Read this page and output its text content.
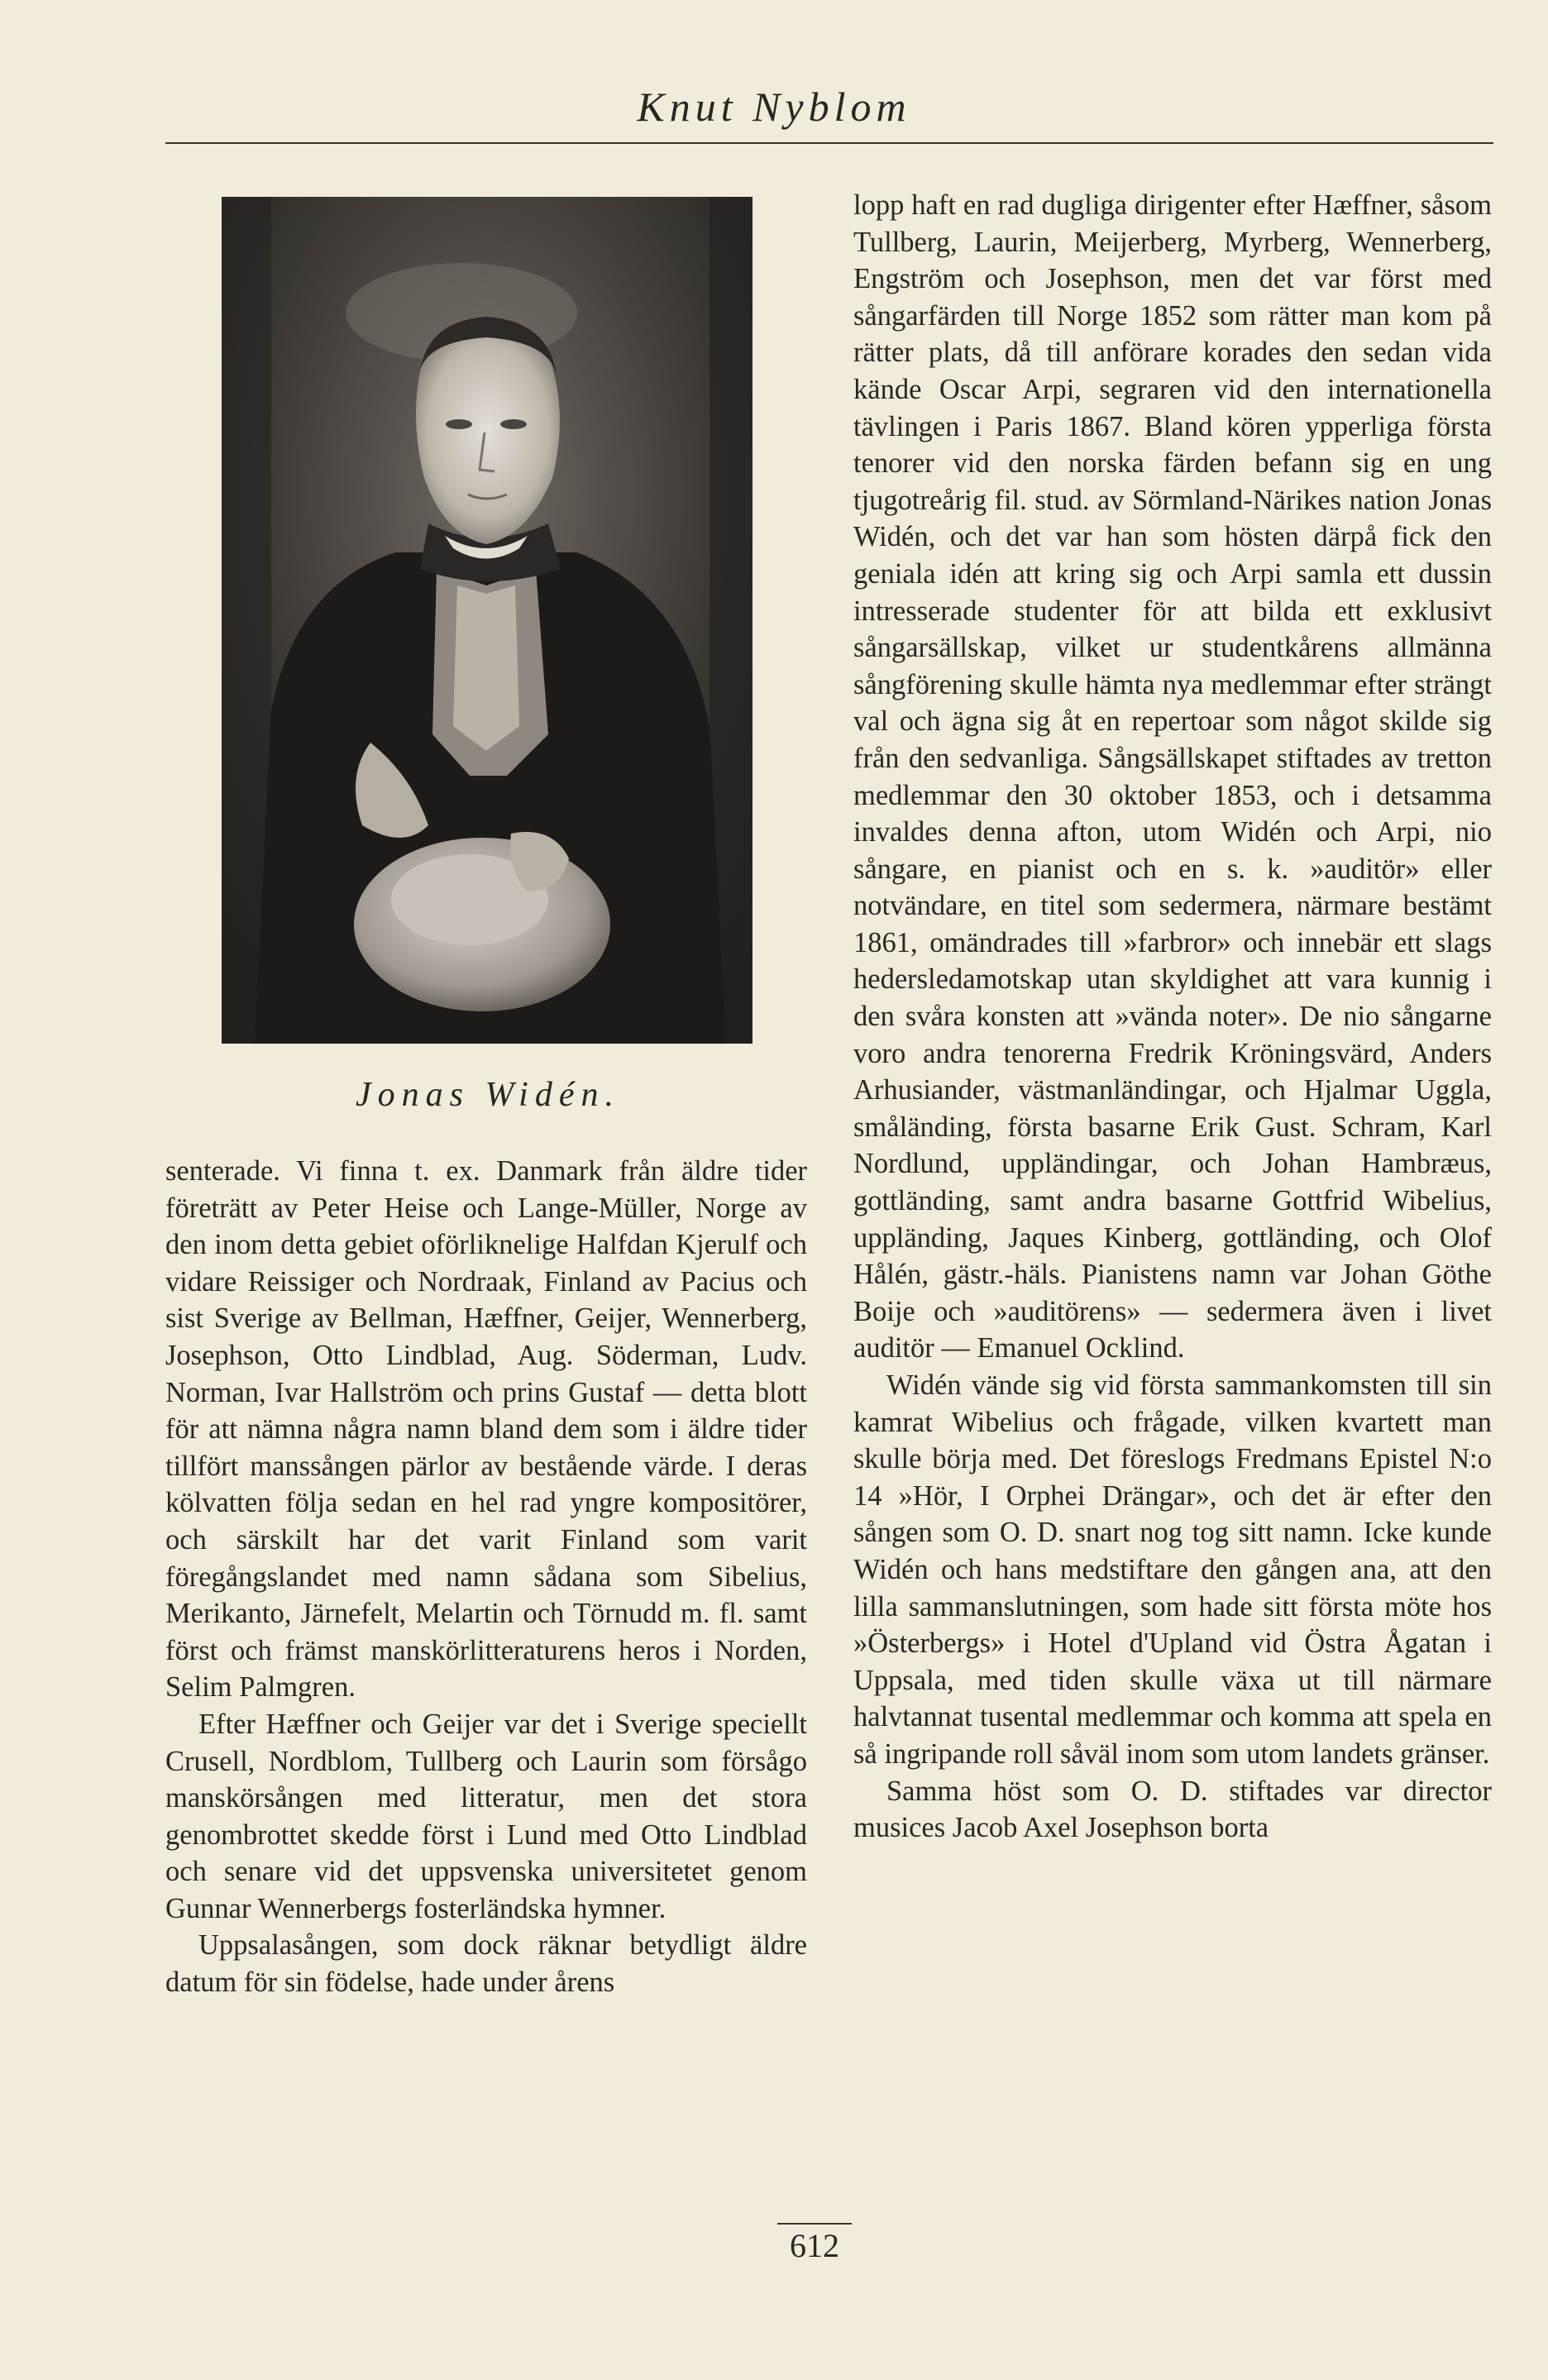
Knut Nyblom
Jonas Widén.

senterade. Vi finna t. ex. Danmark från äldre tider företrätt av Peter Heise och Lange-Müller, Norge av den inom detta gebiet oförliknelige Halfdan Kjerulf och vidare Reissiger och Nordraak, Finland av Pacius och sist Sverige av Bellman, Hæffner, Geijer, Wennerberg, Josephson, Otto Lindblad, Aug. Söderman, Ludv. Norman, Ivar Hallström och prins Gustaf — detta blott för att nämna några namn bland dem som i äldre tider tillfört manssången pärlor av bestående värde. I deras kölvatten följa sedan en hel rad yngre kompositörer, och särskilt har det varit Finland som varit föregångslandet med namn sådana som Sibelius, Merikanto, Järnefelt, Melartin och Törnudd m. fl. samt först och främst manskörlitteraturens heros i Norden, Selim Palmgren.

Efter Hæffner och Geijer var det i Sverige speciellt Crusell, Nordblom, Tullberg och Laurin som försågo manskörsången med litteratur, men det stora genombrottet skedde först i Lund med Otto Lindblad och senare vid det uppsvenska universitetet genom Gunnar Wennerbergs fosterländska hymner.

Uppsalasången, som dock räknar betydligt äldre datum för sin födelse, hade under årens

lopp haft en rad dugliga dirigenter efter Hæffner, såsom Tullberg, Laurin, Meijerberg, Myrberg, Wennerberg, Engström och Josephson, men det var först med sångarfärden till Norge 1852 som rätter man kom på rätter plats, då till anförare korades den sedan vida kände Oscar Arpi, segraren vid den internationella tävlingen i Paris 1867. Bland kören ypperliga första tenorer vid den norska färden befann sig en ung tjugotreårig fil. stud. av Sörmland-Närikes nation Jonas Widén, och det var han som hösten därpå fick den geniala idén att kring sig och Arpi samla ett dussin intresserade studenter för att bilda ett exklusivt sångarsällskap, vilket ur studentkårens allmänna sångförening skulle hämta nya medlemmar efter strängt val och ägna sig åt en repertoar som något skilde sig från den sedvanliga. Sångsällskapet stiftades av tretton medlemmar den 30 oktober 1853, och i detsamma invaldes denna afton, utom Widén och Arpi, nio sångare, en pianist och en s. k. »auditör» eller notvändare, en titel som sedermera, närmare bestämt 1861, omändrades till »farbror» och innebär ett slags hedersledamotskap utan skyldighet att vara kunnig i den svåra konsten att »vända noter». De nio sångarne voro andra tenorerna Fredrik Kröningsvärd, Anders Arhusiander, västmanländingar, och Hjalmar Uggla, småländing, första basarne Erik Gust. Schram, Karl Nordlund, uppländingar, och Johan Hambræus, gottländing, samt andra basarne Gottfrid Wibelius, uppländing, Jaques Kinberg, gottländing, och Olof Hålén, gästr.-häls. Pianistens namn var Johan Göthe Boije och »auditörens» — sedermera även i livet auditör — Emanuel Ocklind.

Widén vände sig vid första sammankomsten till sin kamrat Wibelius och frågade, vilken kvartett man skulle börja med. Det föreslogs Fredmans Epistel N:o 14 »Hör, I Orphei Drängar», och det är efter den sången som O. D. snart nog tog sitt namn. Icke kunde Widén och hans medstiftare den gången ana, att den lilla sammanslutningen, som hade sitt första möte hos »Österbergs» i Hotel d'Upland vid Östra Ågatan i Uppsala, med tiden skulle växa ut till närmare halvtannat tusental medlemmar och komma att spela en så ingripande roll såväl inom som utom landets gränser.

Samma höst som O. D. stiftades var director musices Jacob Axel Josephson borta

612
